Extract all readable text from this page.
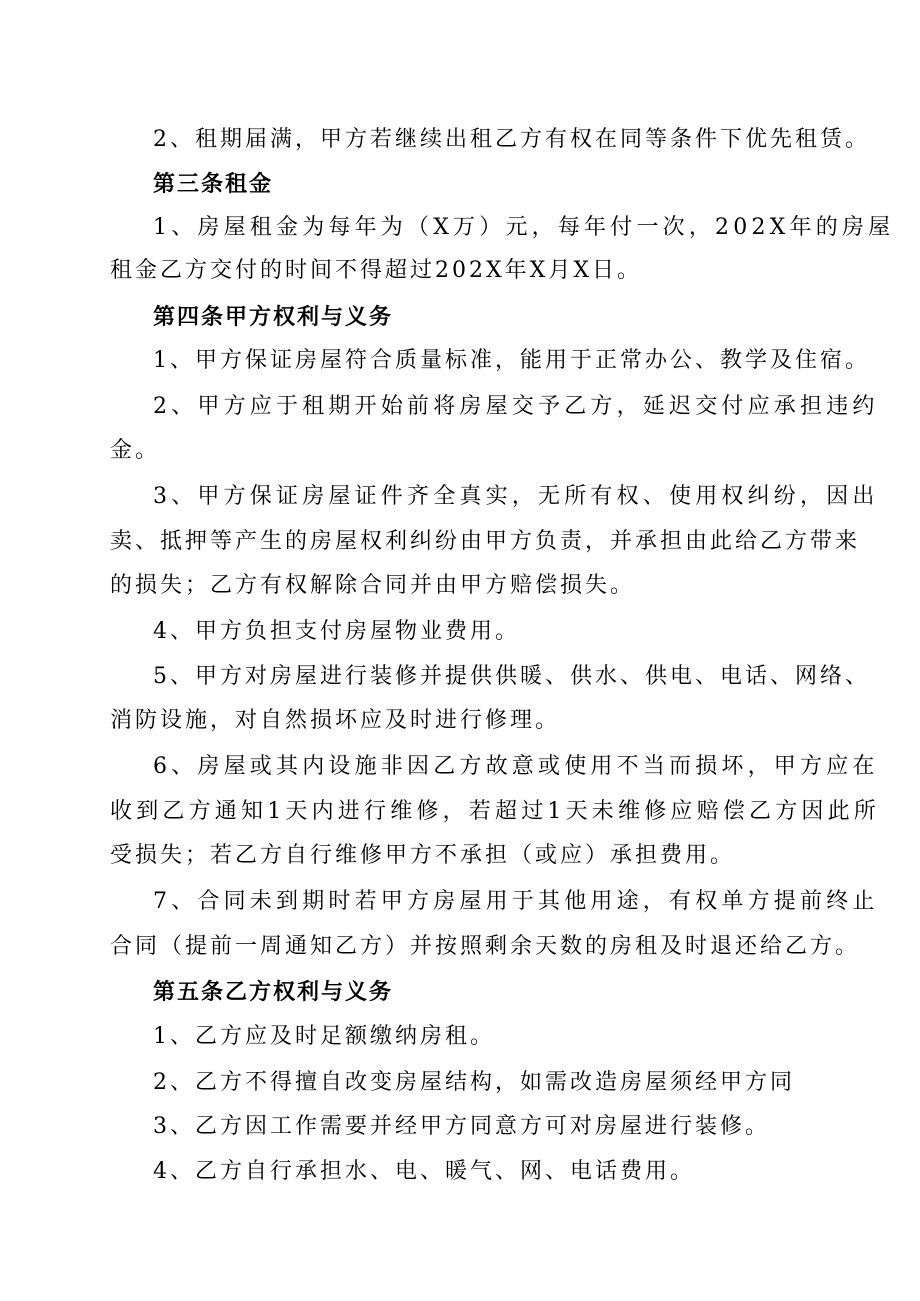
2、租期届满，甲方若继续出租乙方有权在同等条件下优先租赁。
第三条租金
1、房屋租金为每年为（X万）元，每年付一次，202X年的房屋
租金乙方交付的时间不得超过202X年X月X日。
第四条甲方权利与义务
1、甲方保证房屋符合质量标准，能用于正常办公、教学及住宿。
2、甲方应于租期开始前将房屋交予乙方，延迟交付应承担违约
金。
3、甲方保证房屋证件齐全真实，无所有权、使用权纠纷，因出
卖、抵押等产生的房屋权利纠纷由甲方负责，并承担由此给乙方带来
的损失；乙方有权解除合同并由甲方赔偿损失。
4、甲方负担支付房屋物业费用。
5、甲方对房屋进行装修并提供供暖、供水、供电、电话、网络、
消防设施，对自然损坏应及时进行修理。
6、房屋或其内设施非因乙方故意或使用不当而损坏，甲方应在
收到乙方通知1天内进行维修，若超过1天未维修应赔偿乙方因此所
受损失；若乙方自行维修甲方不承担（或应）承担费用。
7、合同未到期时若甲方房屋用于其他用途，有权单方提前终止
合同（提前一周通知乙方）并按照剩余天数的房租及时退还给乙方。
第五条乙方权利与义务
1、乙方应及时足额缴纳房租。
2、乙方不得擅自改变房屋结构，如需改造房屋须经甲方同
3、乙方因工作需要并经甲方同意方可对房屋进行装修。
4、乙方自行承担水、电、暖气、网、电话费用。
